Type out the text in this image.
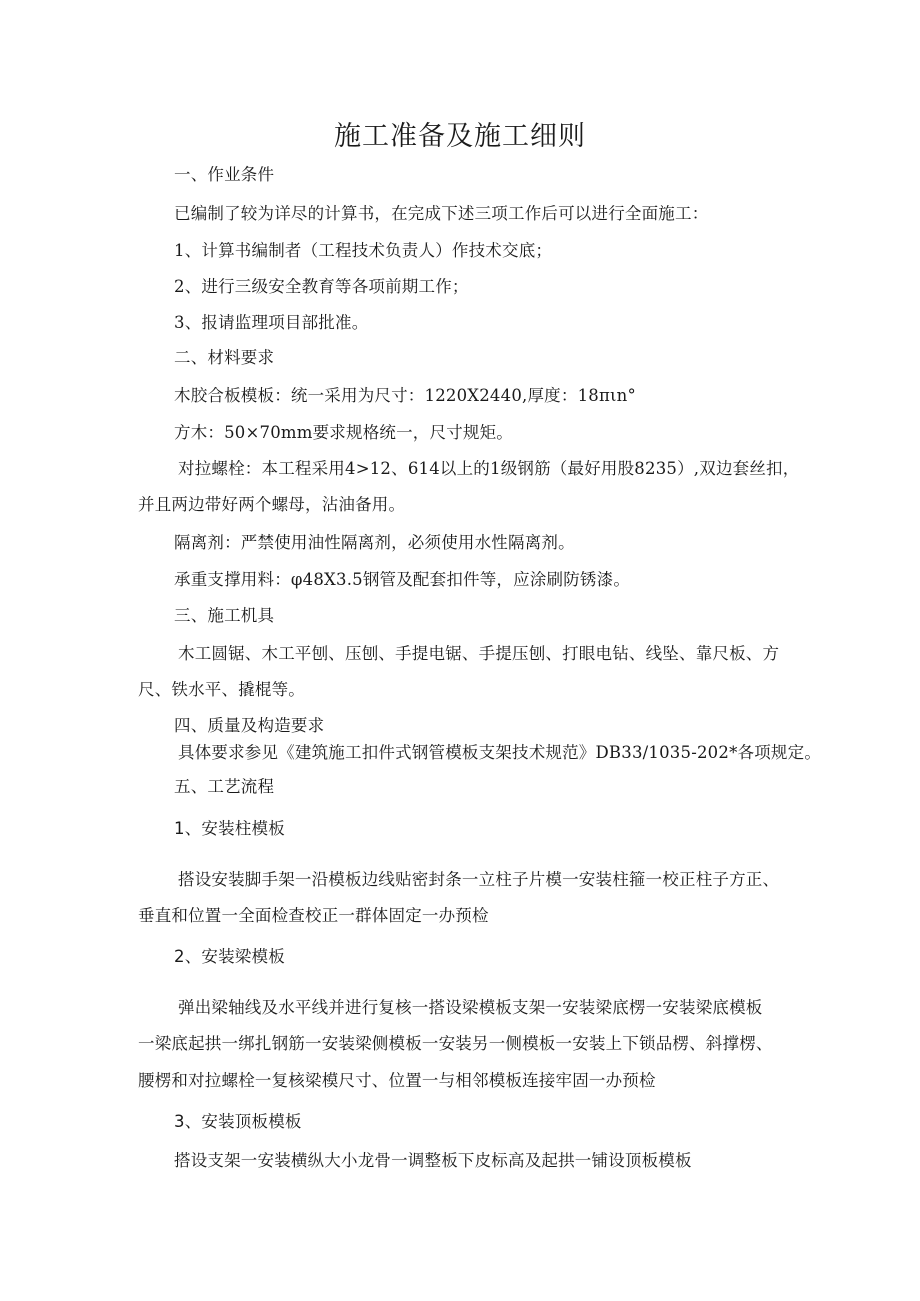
施工准备及施工细则
一、作业条件
已编制了较为详尽的计算书，在完成下述三项工作后可以进行全面施工：
1、计算书编制者（工程技术负责人）作技术交底；
2、进行三级安全教育等各项前期工作；
3、报请监理项目部批准。
二、材料要求
木胶合板模板：统一采用为尺寸：1220X2440,厚度：18πιn°
方木：50×70mm要求规格统一，尺寸规矩。
对拉螺栓：本工程采用4>12、614以上的1级钢筋（最好用股8235）,双边套丝扣，
并且两边带好两个螺母，沾油备用。
隔离剂：严禁使用油性隔离剂，必须使用水性隔离剂。
承重支撑用料：φ48X3.5钢管及配套扣件等，应涂刷防锈漆。
三、施工机具
木工圆锯、木工平刨、压刨、手提电锯、手提压刨、打眼电钻、线坠、靠尺板、方
尺、铁水平、撬棍等。
四、质量及构造要求
具体要求参见《建筑施工扣件式钢管模板支架技术规范》DB33/1035-202*各项规定。
五、工艺流程
1、安装柱模板
搭设安装脚手架一沿模板边线贴密封条一立柱子片模一安装柱箍一校正柱子方正、
垂直和位置一全面检查校正一群体固定一办预检
2、安装梁模板
弹出梁轴线及水平线并进行复核一搭设梁模板支架一安装梁底楞一安装梁底模板
一梁底起拱一绑扎钢筋一安装梁侧模板一安装另一侧模板一安装上下锁品楞、斜撑楞、
腰楞和对拉螺栓一复核梁模尺寸、位置一与相邻模板连接牢固一办预检
3、安装顶板模板
搭设支架一安装横纵大小龙骨一调整板下皮标高及起拱一铺设顶板模板
